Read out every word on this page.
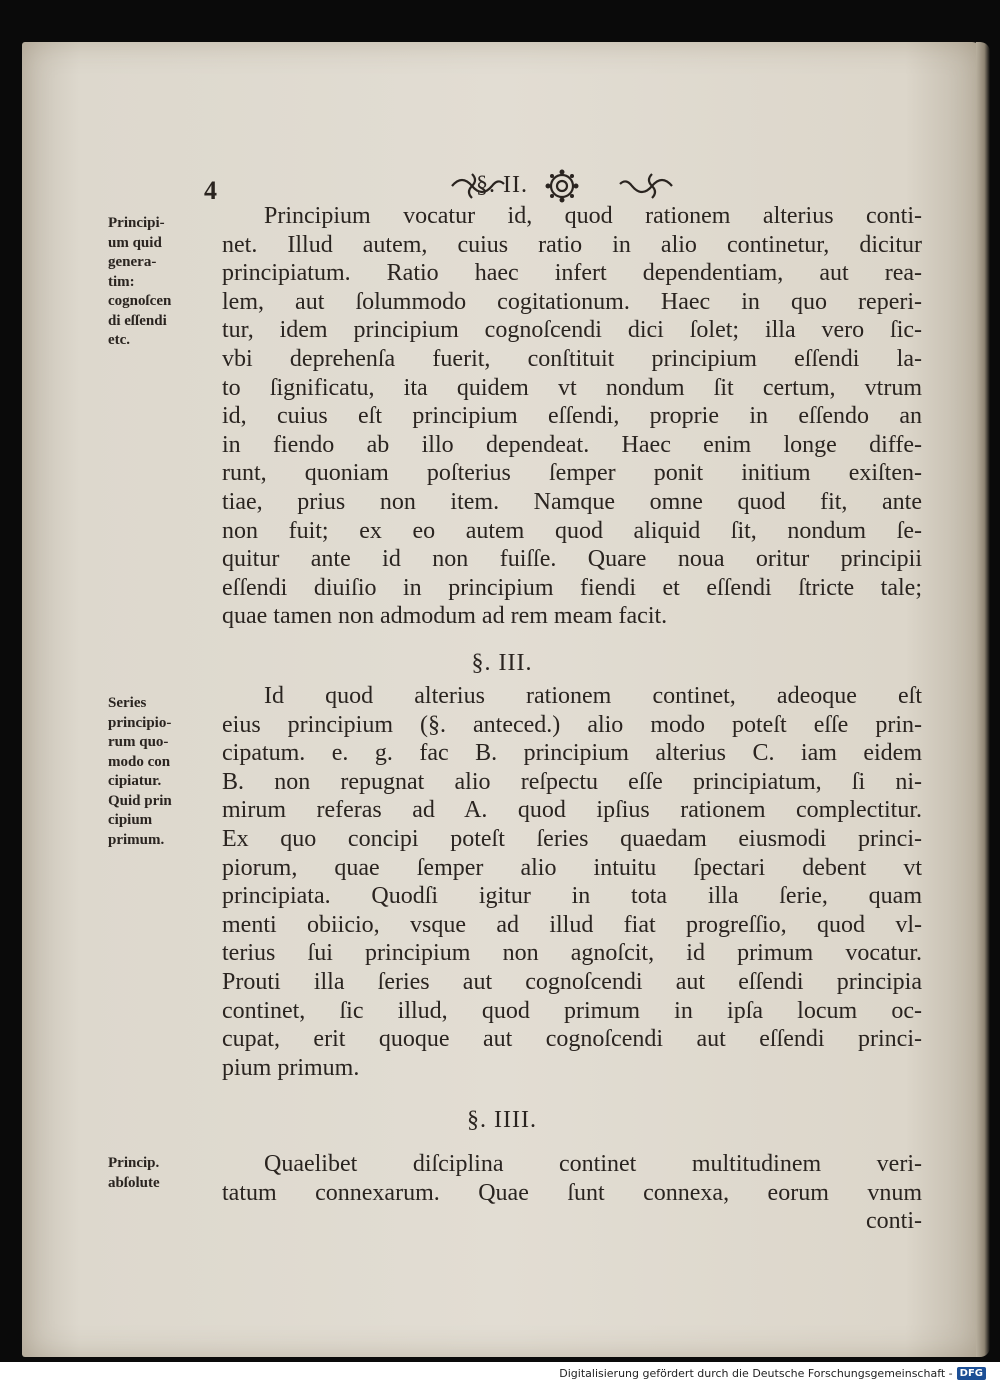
4	§. II.
Principi-
um quid
genera-
tim:
cognoſcen
di eſſendi
etc.
Principium vocatur id, quod rationem alterius conti-
net. Illud autem, cuius ratio in alio continetur, dicitur
principiatum. Ratio haec infert dependentiam, aut rea-
lem, aut ſolummodo cogitationum. Haec in quo reperi-
tur, idem principium cognoſcendi dici ſolet; illa vero ſic-
vbi deprehenſa fuerit, conſtituit principium eſſendi la-
to ſignificatu, ita quidem vt nondum ſit certum, vtrum
id, cuius eſt principium eſſendi, proprie in eſſendo an
in fiendo ab illo dependeat. Haec enim longe diffe-
runt, quoniam poſterius ſemper ponit initium exiſten-
tiae, prius non item. Namque omne quod fit, ante
non fuit; ex eo autem quod aliquid ſit, nondum ſe-
quitur ante id non fuiſſe. Quare noua oritur principii
eſſendi diuiſio in principium fiendi et eſſendi ſtricte tale;
quae tamen non admodum ad rem meam facit.
§. III.
Series
principio-
rum quo-
modo con
cipiatur.
Quid prin
cipium
primum.
Id quod alterius rationem continet, adeoque eſt
eius principium (§. anteced.) alio modo poteſt eſſe prin-
cipatum. e. g. fac B. principium alterius C. iam eidem
B. non repugnat alio reſpectu eſſe principiatum, ſi ni-
mirum referas ad A. quod ipſius rationem complectitur.
Ex quo concipi poteſt ſeries quaedam eiusmodi princi-
piorum, quae ſemper alio intuitu ſpectari debent vt
principiata. Quodſi igitur in tota illa ſerie, quam
menti obiicio, vsque ad illud fiat progreſſio, quod vl-
terius ſui principium non agnoſcit, id primum vocatur.
Prouti illa ſeries aut cognoſcendi aut eſſendi principia
continet, ſic illud, quod primum in ipſa locum oc-
cupat, erit quoque aut cognoſcendi aut eſſendi princi-
pium primum.
§. IIII.
Princip.
abſolute
Quaelibet diſciplina continet multitudinem veri-
tatum connexarum. Quae ſunt connexa, eorum vnum
conti-
Digitalisierung gefördert durch die Deutsche Forschungsgemeinschaft - DFG
